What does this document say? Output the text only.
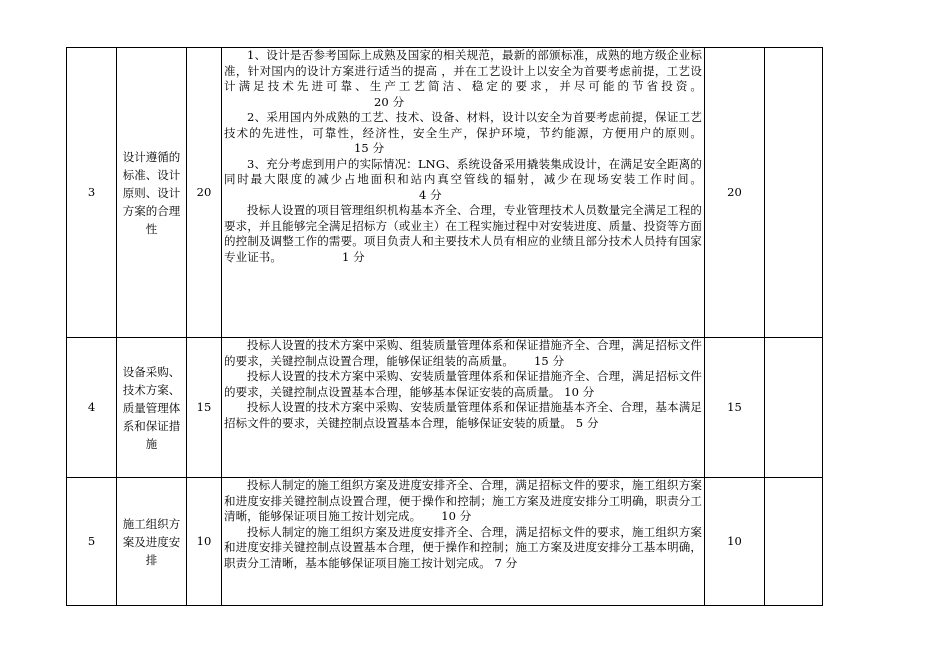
3	设计遵循的标准、设计原则、设计方案的合理性	20	1、设计是否参考国际上成熟及国家的相关规范，最新的部颁标准，成熟的地方级企业标准，针对国内的设计方案进行适当的提高 ，并在工艺设计上以安全为首要考虑前提，工艺设计满足技术先进可靠、生产工艺简洁、稳定的要求，并尽可能的节省投资。20 分

2、采用国内外成熟的工艺、技术、设备、材料，设计以安全为首要考虑前提，保证工艺技术的先进性，可靠性，经济性，安全生产，保护环境，节约能源，方便用户的原则。15 分

3、充分考虑到用户的实际情况：LNG、系统设备采用撬装集成设计，在满足安全距离的同时最大限度的减少占地面积和站内真空管线的辐射，减少在现场安装工作时间。4 分

投标人设置的项目管理组织机构基本齐全、合理，专业管理技术人员数量完全满足工程的要求，并且能够完全满足招标方（或业主）在工程实施过程中对安装进度、质量、投资等方面的控制及调整工作的需要。项目负责人和主要技术人员有相应的业绩且部分技术人员持有国家专业证书。 1 分	20	
4	设备采购、技术方案、质量管理体系和保证措施	15	投标人设置的技术方案中采购、组装质量管理体系和保证措施齐全、合理，满足招标文件的要求，关键控制点设置合理，能够保证组装的高质量。 15 分

投标人设置的技术方案中采购、安装质量管理体系和保证措施齐全、合理，满足招标文件的要求，关键控制点设置基本合理，能够基本保证安装的高质量。 10 分

投标人设置的技术方案中采购、安装质量管理体系和保证措施基本齐全、合理，基本满足招标文件的要求，关键控制点设置基本合理，能够保证安装的质量。 5 分	15	
5	施工组织方案及进度安排	10	投标人制定的施工组织方案及进度安排齐全、合理，满足招标文件的要求，施工组织方案和进度安排关键控制点设置合理，便于操作和控制；施工方案及进度安排分工明确，职责分工清晰，能够保证项目施工按计划完成。 10 分

投标人制定的施工组织方案及进度安排齐全、合理，满足招标文件的要求，施工组织方案和进度安排关键控制点设置基本合理，便于操作和控制；施工方案及进度安排分工基本明确，职责分工清晰，基本能够保证项目施工按计划完成。 7 分	10	
